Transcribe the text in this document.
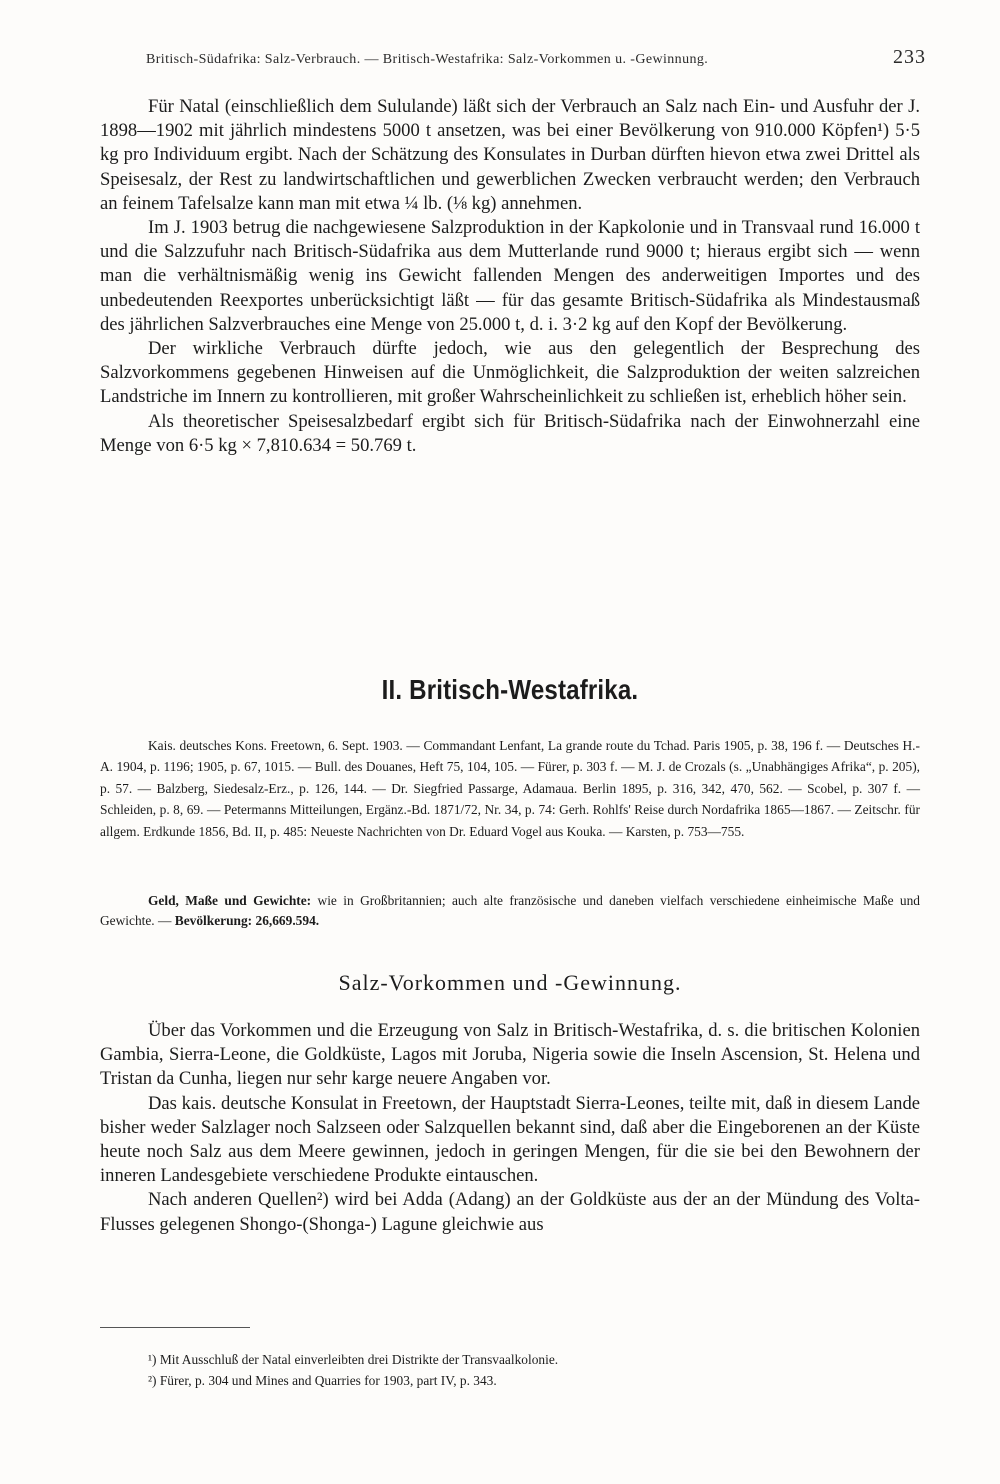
Britisch-Südafrika: Salz-Verbrauch. — Britisch-Westafrika: Salz-Vorkommen u. -Gewinnung.	233

Für Natal (einschließlich dem Sululande) läßt sich der Verbrauch an Salz nach Ein- und Ausfuhr der J. 1898—1902 mit jährlich mindestens 5000 t ansetzen, was bei einer Bevölkerung von 910.000 Köpfen¹) 5·5 kg pro Individuum ergibt. Nach der Schätzung des Konsulates in Durban dürften hievon etwa zwei Drittel als Speisesalz, der Rest zu landwirtschaftlichen und gewerblichen Zwecken verbraucht werden; den Verbrauch an feinem Tafelsalze kann man mit etwa ¼ lb. (⅛ kg) annehmen.

Im J. 1903 betrug die nachgewiesene Salzproduktion in der Kapkolonie und in Transvaal rund 16.000 t und die Salzzufuhr nach Britisch-Südafrika aus dem Mutterlande rund 9000 t; hieraus ergibt sich — wenn man die verhältnismäßig wenig ins Gewicht fallenden Mengen des anderweitigen Importes und des unbedeutenden Reexportes unberücksichtigt läßt — für das gesamte Britisch-Südafrika als Mindestausmaß des jährlichen Salzverbrauches eine Menge von 25.000 t, d. i. 3·2 kg auf den Kopf der Bevölkerung.

Der wirkliche Verbrauch dürfte jedoch, wie aus den gelegentlich der Besprechung des Salzvorkommens gegebenen Hinweisen auf die Unmöglichkeit, die Salzproduktion der weiten salzreichen Landstriche im Innern zu kontrollieren, mit großer Wahrscheinlichkeit zu schließen ist, erheblich höher sein.

Als theoretischer Speisesalzbedarf ergibt sich für Britisch-Südafrika nach der Einwohnerzahl eine Menge von 6·5 kg × 7,810.634 = 50.769 t.

II. Britisch-Westafrika.
Kais. deutsches Kons. Freetown, 6. Sept. 1903. — Commandant Lenfant, La grande route du Tchad. Paris 1905, p. 38, 196 f. — Deutsches H.-A. 1904, p. 1196; 1905, p. 67, 1015. — Bull. des Douanes, Heft 75, 104, 105. — Fürer, p. 303 f. — M. J. de Crozals (s. „Unabhängiges Afrika“, p. 205), p. 57. — Balzberg, Siedesalz-Erz., p. 126, 144. — Dr. Siegfried Passarge, Adamaua. Berlin 1895, p. 316, 342, 470, 562. — Scobel, p. 307 f. — Schleiden, p. 8, 69. — Petermanns Mitteilungen, Ergänz.-Bd. 1871/72, Nr. 34, p. 74: Gerh. Rohlfs' Reise durch Nordafrika 1865—1867. — Zeitschr. für allgem. Erdkunde 1856, Bd. II, p. 485: Neueste Nachrichten von Dr. Eduard Vogel aus Kouka. — Karsten, p. 753—755.
Geld, Maße und Gewichte: wie in Großbritannien; auch alte französische und daneben vielfach verschiedene einheimische Maße und Gewichte. — Bevölkerung: 26,669.594.
Salz-Vorkommen und -Gewinnung.

Über das Vorkommen und die Erzeugung von Salz in Britisch-Westafrika, d. s. die britischen Kolonien Gambia, Sierra-Leone, die Goldküste, Lagos mit Joruba, Nigeria sowie die Inseln Ascension, St. Helena und Tristan da Cunha, liegen nur sehr karge neuere Angaben vor.

Das kais. deutsche Konsulat in Freetown, der Hauptstadt Sierra-Leones, teilte mit, daß in diesem Lande bisher weder Salzlager noch Salzseen oder Salzquellen bekannt sind, daß aber die Eingeborenen an der Küste heute noch Salz aus dem Meere gewinnen, jedoch in geringen Mengen, für die sie bei den Bewohnern der inneren Landesgebiete verschiedene Produkte eintauschen.

Nach anderen Quellen²) wird bei Adda (Adang) an der Goldküste aus der an der Mündung des Volta-Flusses gelegenen Shongo-(Shonga-) Lagune gleichwie aus

¹) Mit Ausschluß der Natal einverleibten drei Distrikte der Transvaalkolonie.
²) Fürer, p. 304 und Mines and Quarries for 1903, part IV, p. 343.
